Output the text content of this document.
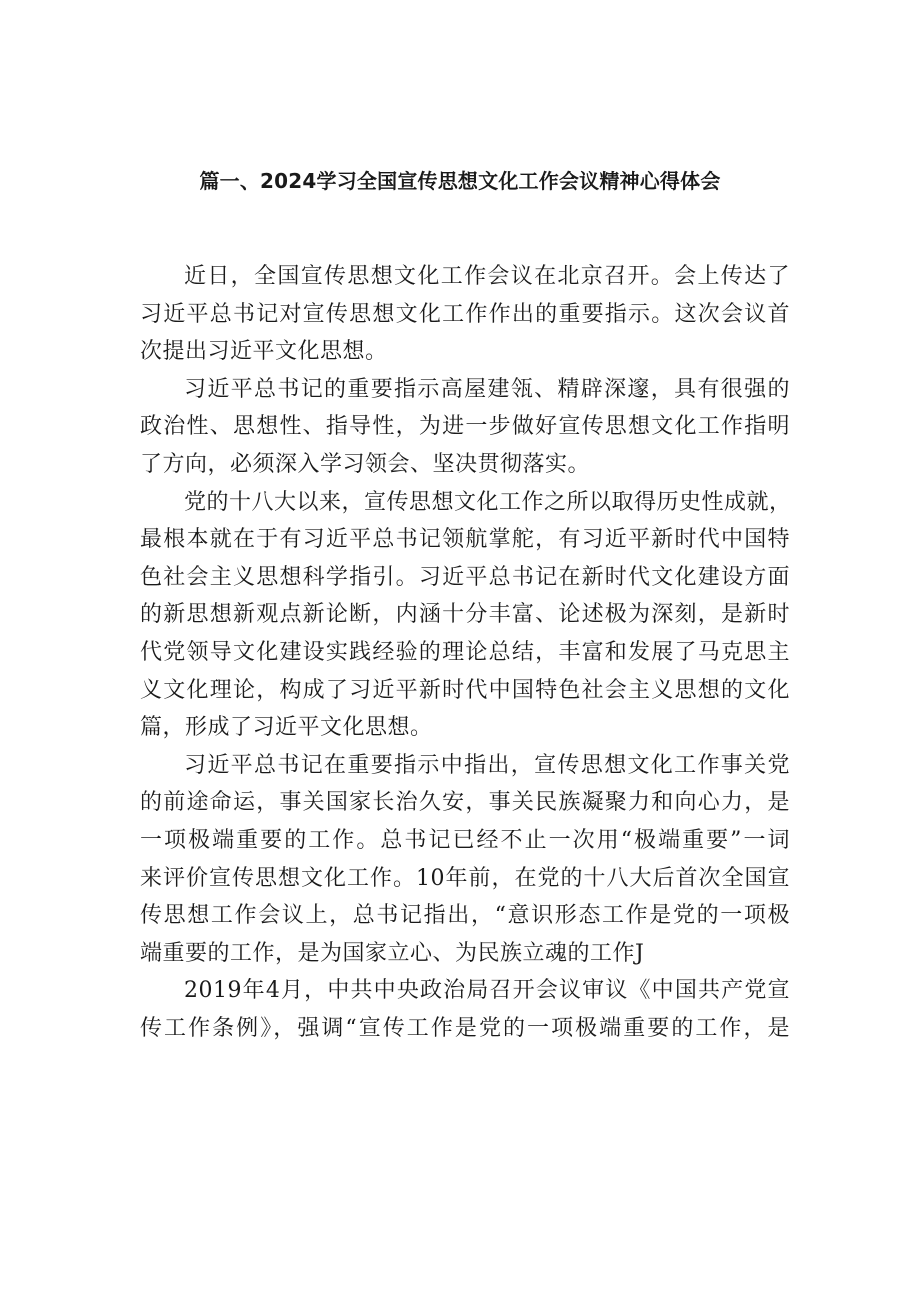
篇一、2024学习全国宣传思想文化工作会议精神心得体会
近日，全国宣传思想文化工作会议在北京召开。会上传达了
习近平总书记对宣传思想文化工作作出的重要指示。这次会议首
次提出习近平文化思想。
习近平总书记的重要指示高屋建瓴、精辟深邃，具有很强的
政治性、思想性、指导性，为进一步做好宣传思想文化工作指明
了方向，必须深入学习领会、坚决贯彻落实。
党的十八大以来，宣传思想文化工作之所以取得历史性成就，
最根本就在于有习近平总书记领航掌舵，有习近平新时代中国特
色社会主义思想科学指引。习近平总书记在新时代文化建设方面
的新思想新观点新论断，内涵十分丰富、论述极为深刻，是新时
代党领导文化建设实践经验的理论总结，丰富和发展了马克思主
义文化理论，构成了习近平新时代中国特色社会主义思想的文化
篇，形成了习近平文化思想。
习近平总书记在重要指示中指出，宣传思想文化工作事关党
的前途命运，事关国家长治久安，事关民族凝聚力和向心力，是
一项极端重要的工作。总书记已经不止一次用“极端重要”一词
来评价宣传思想文化工作。10年前，在党的十八大后首次全国宣
传思想工作会议上，总书记指出，“意识形态工作是党的一项极
端重要的工作，是为国家立心、为民族立魂的工作J
2019年4月，中共中央政治局召开会议审议《中国共产党宣
传工作条例》，强调“宣传工作是党的一项极端重要的工作，是
